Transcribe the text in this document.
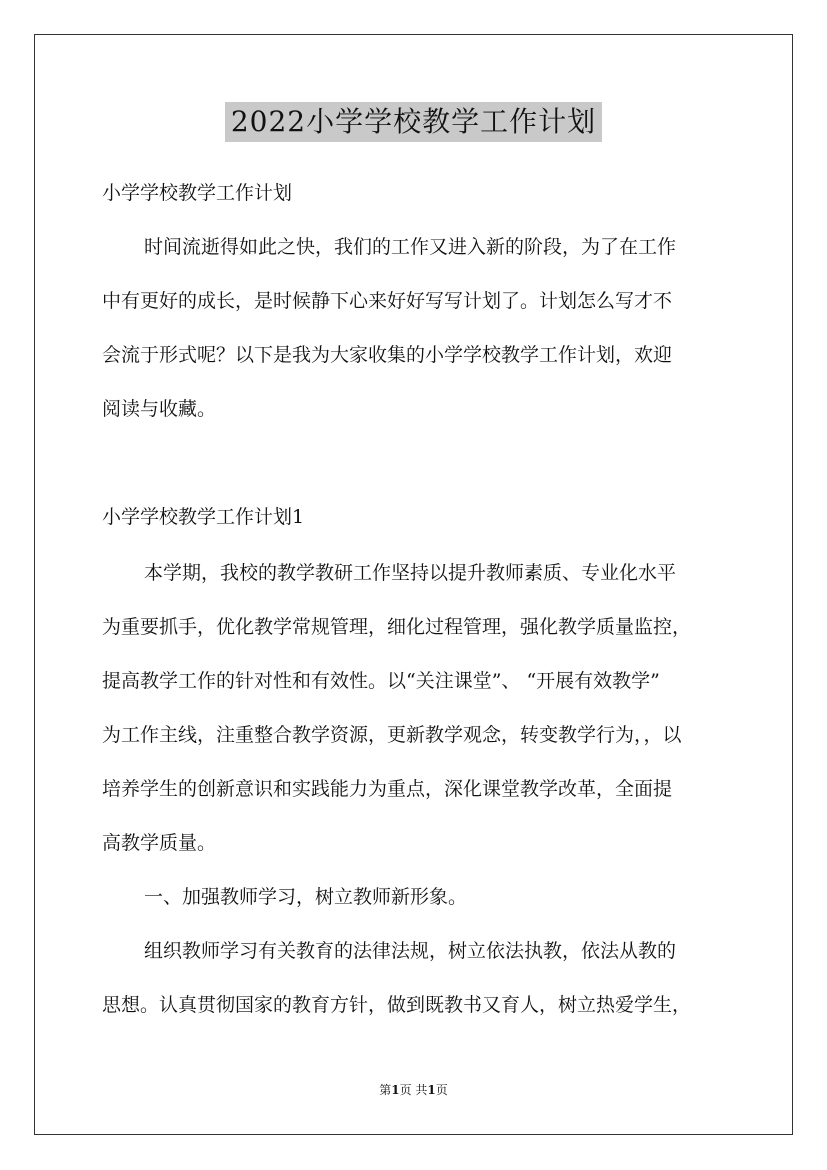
2022小学学校教学工作计划
小学学校教学工作计划
时间流逝得如此之快，我们的工作又进入新的阶段，为了在工作
中有更好的成长，是时候静下心来好好写写计划了。计划怎么写才不
会流于形式呢？以下是我为大家收集的小学学校教学工作计划，欢迎
阅读与收藏。
小学学校教学工作计划1
本学期，我校的教学教研工作坚持以提升教师素质、专业化水平
为重要抓手，优化教学常规管理，细化过程管理，强化教学质量监控，
提高教学工作的针对性和有效性。以“关注课堂”、 “开展有效教学”
为工作主线，注重整合教学资源，更新教学观念，转变教学行为，，以
培养学生的创新意识和实践能力为重点，深化课堂教学改革，全面提
高教学质量。
一、加强教师学习，树立教师新形象。
组织教师学习有关教育的法律法规，树立依法执教，依法从教的
思想。认真贯彻国家的教育方针，做到既教书又育人，树立热爱学生，
第1页 共1页
